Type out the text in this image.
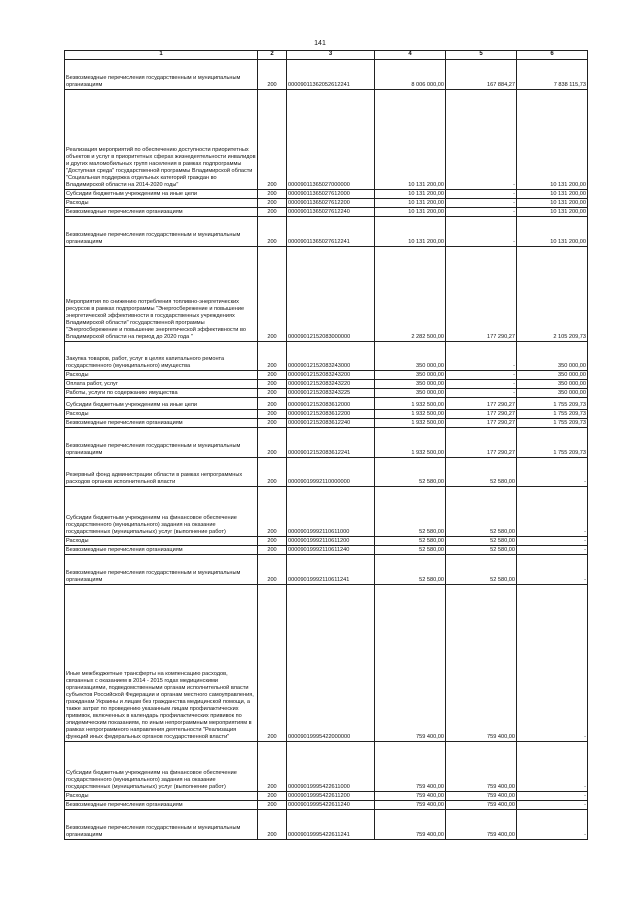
141
1	2	3	4	5	6
Безвозмездные перечисления государственным и муниципальным организациям	200	00009011362052612241	8 006 000,00	167 884,27	7 838 115,73
Реализация мероприятий по обеспечению доступности приоритетных объектов и услуг в приоритетных сферах жизнедеятельности инвалидов и других маломобильных групп населения в рамках подпрограммы "Доступная среда" государственной программы Владимирской области "Социальная поддержка отдельных категорий граждан во Владимирской области на 2014-2020 годы"	200	00009011365027000000	10 131 200,00	-	10 131 200,00
Субсидии бюджетным учреждениям на иные цели	200	00009011365027612000	10 131 200,00	-	10 131 200,00
Расходы	200	00009011365027612200	10 131 200,00	-	10 131 200,00
Безвозмездные перечисления организациям	200	00009011365027612240	10 131 200,00	-	10 131 200,00
Безвозмездные перечисления государственным и муниципальным организациям	200	00009011365027612241	10 131 200,00	-	10 131 200,00
Мероприятия по снижению потребления топливно-энергетических ресурсов в рамках подпрограммы "Энергосбережение и повышение энергетической эффективности в государственных учреждениях Владимирской области" государственной программы "Энергосбережение и повышение энергетической эффективности во Владимирской области на период до 2020 года "	200	00009012152083000000	2 282 500,00	177 290,27	2 105 209,73
Закупка товаров, работ, услуг в целях капитального ремонта государственного (муниципального) имущества	200	00009012152083243000	350 000,00	-	350 000,00
Расходы	200	00009012152083243200	350 000,00	-	350 000,00
Оплата работ, услуг	200	00009012152083243220	350 000,00	-	350 000,00
Работы, услуги по содержанию имущества	200	00009012152083243225	350 000,00	-	350 000,00
Субсидии бюджетным учреждениям на иные цели	200	00009012152083612000	1 932 500,00	177 290,27	1 755 209,73
Расходы	200	00009012152083612200	1 932 500,00	177 290,27	1 755 209,73
Безвозмездные перечисления организациям	200	00009012152083612240	1 932 500,00	177 290,27	1 755 209,73
Безвозмездные перечисления государственным и муниципальным организациям	200	00009012152083612241	1 932 500,00	177 290,27	1 755 209,73
Резервный фонд администрации области в рамках непрограммных расходов органов исполнительной власти	200	00009019992110000000	52 580,00	52 580,00	-
Субсидии бюджетным учреждениям на финансовое обеспечение государственного (муниципального) задания на оказание государственных (муниципальных) услуг (выполнение работ)	200	00009019992110611000	52 580,00	52 580,00	-
Расходы	200	00009019992110611200	52 580,00	52 580,00	-
Безвозмездные перечисления организациям	200	00009019992110611240	52 580,00	52 580,00	-
Безвозмездные перечисления государственным и муниципальным организациям	200	00009019992110611241	52 580,00	52 580,00	-
Иные межбюджетные трансферты на компенсацию расходов, связанных с оказанием в 2014 - 2015 годах медицинскими организациями, подведомственными органам исполнительной власти субъектов Российской Федерации и органам местного самоуправления, гражданам Украины и лицам без гражданства медицинской помощи, а также затрат по проведению указанным лицам профилактических прививок, включенных в календарь профилактических прививок по эпидемическим показаниям, по иным непрограммным мероприятиям в рамках непрограммного направления деятельности "Реализация функций иных федеральных органов государственной власти"	200	00009019995422000000	759 400,00	759 400,00	-
Субсидии бюджетным учреждениям на финансовое обеспечение государственного (муниципального) задания на оказание государственных (муниципальных) услуг (выполнение работ)	200	00009019995422611000	759 400,00	759 400,00	-
Расходы	200	00009019995422611200	759 400,00	759 400,00	-
Безвозмездные перечисления организациям	200	00009019995422611240	759 400,00	759 400,00	-
Безвозмездные перечисления государственным и муниципальным организациям	200	00009019995422611241	759 400,00	759 400,00	-
